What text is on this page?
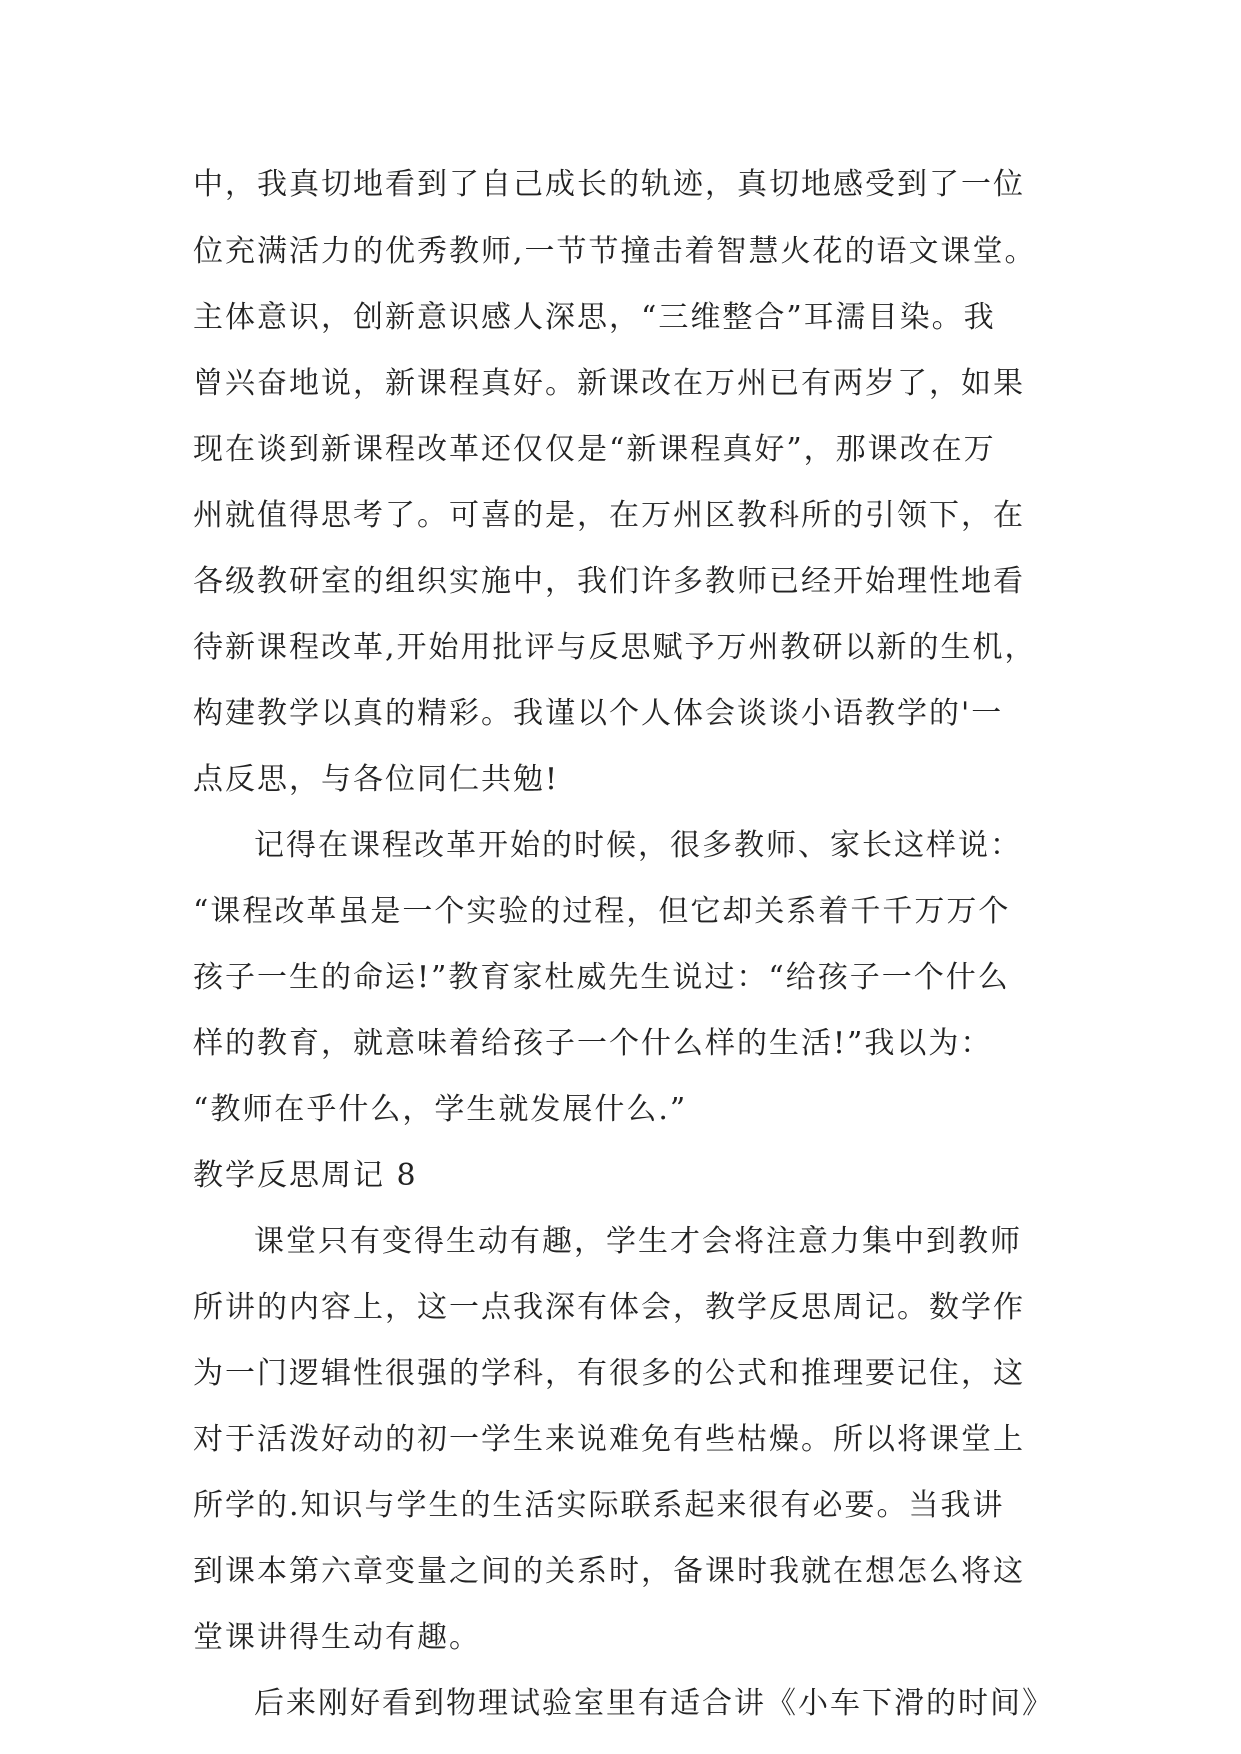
中，我真切地看到了自己成长的轨迹，真切地感受到了一位
位充满活力的优秀教师,一节节撞击着智慧火花的语文课堂。
主体意识，创新意识感人深思，“三维整合”耳濡目染。我
曾兴奋地说，新课程真好。新课改在万州已有两岁了，如果
现在谈到新课程改革还仅仅是“新课程真好”，那课改在万
州就值得思考了。可喜的是，在万州区教科所的引领下，在
各级教研室的组织实施中，我们许多教师已经开始理性地看
待新课程改革,开始用批评与反思赋予万州教研以新的生机，
构建教学以真的精彩。我谨以个人体会谈谈小语教学的'一
点反思，与各位同仁共勉!
记得在课程改革开始的时候，很多教师、家长这样说：
“课程改革虽是一个实验的过程，但它却关系着千千万万个
孩子一生的命运!”教育家杜威先生说过：“给孩子一个什么
样的教育，就意味着给孩子一个什么样的生活!”我以为：
“教师在乎什么，学生就发展什么.”
教学反思周记 8
课堂只有变得生动有趣，学生才会将注意力集中到教师
所讲的内容上，这一点我深有体会，教学反思周记。数学作
为一门逻辑性很强的学科，有很多的公式和推理要记住，这
对于活泼好动的初一学生来说难免有些枯燥。所以将课堂上
所学的.知识与学生的生活实际联系起来很有必要。当我讲
到课本第六章变量之间的关系时，备课时我就在想怎么将这
堂课讲得生动有趣。
后来刚好看到物理试验室里有适合讲《小车下滑的时间》
